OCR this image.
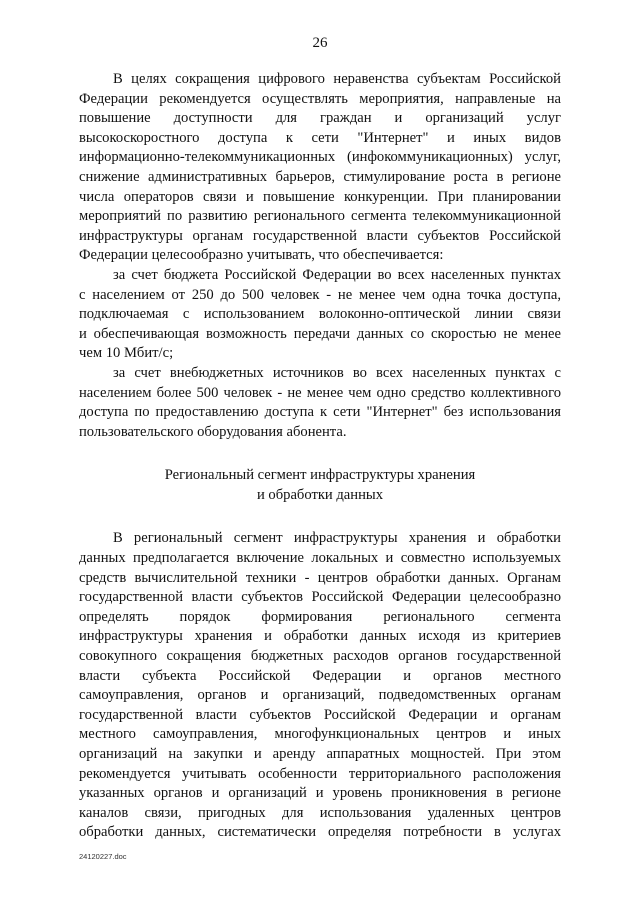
26
В целях сокращения цифрового неравенства субъектам Российской
Федерации рекомендуется осуществлять мероприятия, направленые на
повышение доступности для граждан и организаций услуг
высокоскоростного доступа к сети "Интернет" и иных видов
информационно-телекоммуникационных (инфокоммуникационных) услуг,
снижение административных барьеров, стимулирование роста в регионе
числа операторов связи и повышение конкуренции. При планировании
мероприятий по развитию регионального сегмента телекоммуникационной
инфраструктуры органам государственной власти субъектов Российской
Федерации целесообразно учитывать, что обеспечивается:
за счет бюджета Российской Федерации во всех населенных пунктах
с населением от 250 до 500 человек - не менее чем одна точка доступа,
подключаемая с использованием волоконно-оптической линии связи
и обеспечивающая возможность передачи данных со скоростью не менее
чем 10 Мбит/с;
за счет внебюджетных источников во всех населенных пунктах с
населением более 500 человек - не менее чем одно средство коллективного
доступа по предоставлению доступа к сети "Интернет" без использования
пользовательского оборудования абонента.
Региональный сегмент инфраструктуры хранения
и обработки данных
В региональный сегмент инфраструктуры хранения и обработки
данных предполагается включение локальных и совместно используемых
средств вычислительной техники - центров обработки данных. Органам
государственной власти субъектов Российской Федерации целесообразно
определять порядок формирования регионального сегмента
инфраструктуры хранения и обработки данных исходя из критериев
совокупного сокращения бюджетных расходов органов государственной
власти субъекта Российской Федерации и органов местного
самоуправления, органов и организаций, подведомственных органам
государственной власти субъектов Российской Федерации и органам
местного самоуправления, многофункциональных центров и иных
организаций на закупки и аренду аппаратных мощностей. При этом
рекомендуется учитывать особенности территориального расположения
указанных органов и организаций и уровень проникновения в регионе
каналов связи, пригодных для использования удаленных центров
обработки данных, систематически определяя потребности в услугах
24120227.doc
